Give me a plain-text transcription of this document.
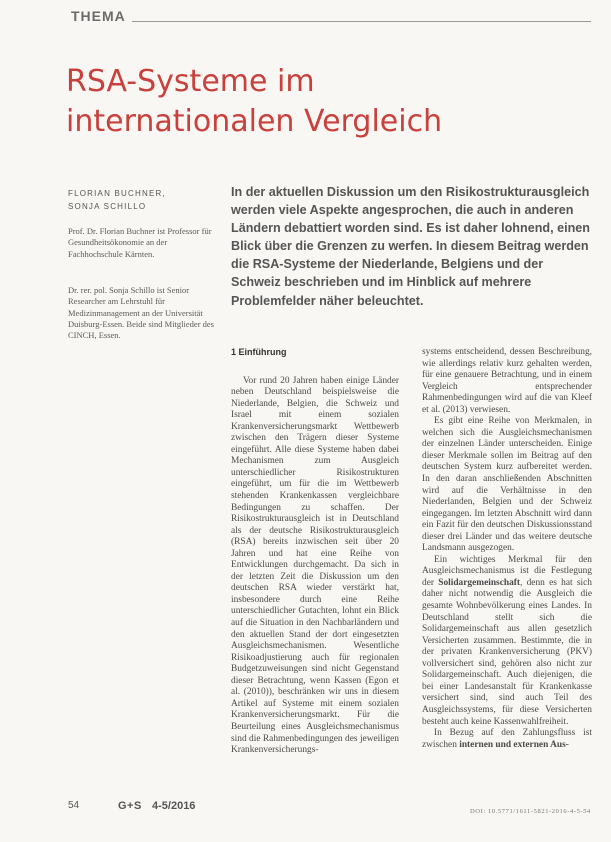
THEMA
RSA-Systeme im
internationalen Vergleich
FLORIAN BUCHNER,
SONJA SCHILLO
Prof. Dr. Florian Buchner ist Professor für Gesundheitsökonomie an der Fachhochschule Kärnten.
Dr. rer. pol. Sonja Schillo ist Senior Researcher am Lehrstuhl für Medizinmanagement an der Universität Duisburg-Essen. Beide sind Mitglieder des CINCH, Essen.
In der aktuellen Diskussion um den Risikostrukturausgleich werden viele Aspekte angesprochen, die auch in anderen Ländern debattiert worden sind. Es ist daher lohnend, einen Blick über die Grenzen zu werfen. In diesem Beitrag werden die RSA-Systeme der Niederlande, Belgiens und der Schweiz beschrieben und im Hinblick auf mehrere Problemfelder näher beleuchtet.

1 Einführung

Vor rund 20 Jahren haben einige Länder neben Deutschland beispielsweise die Niederlande, Belgien, die Schweiz und Israel mit einem sozialen Krankenversicherungsmarkt Wettbewerb zwischen den Trägern dieser Systeme eingeführt. Alle diese Systeme haben dabei Mechanismen zum Ausgleich unterschiedlicher Risikostrukturen eingeführt, um für die im Wettbewerb stehenden Krankenkassen vergleichbare Bedingungen zu schaffen. Der Risikostrukturausgleich ist in Deutschland als der deutsche Risikostrukturausgleich (RSA) bereits inzwischen seit über 20 Jahren und hat eine Reihe von Entwicklungen durchgemacht. Da sich in der letzten Zeit die Diskussion um den deutschen RSA wieder verstärkt hat, insbesondere durch eine Reihe unterschiedlicher Gutachten, lohnt ein Blick auf die Situation in den Nachbarländern und den aktuellen Stand der dort eingesetzten Ausgleichsmechanismen. Wesentliche Risikoadjustierung auch für regionalen Budgetzuweisungen sind nicht Gegenstand dieser Betrachtung, wenn Kassen (Egon et al. (2010)), beschränken wir uns in diesem Artikel auf Systeme mit einem sozialen Krankenversicherungsmarkt. Für die Beurteilung eines Ausgleichsmechanismus sind die Rahmenbedingungen des jeweiligen Krankenversicherungs-

systems entscheidend, dessen Beschreibung, wie allerdings relativ kurz gehalten werden, für eine genauere Betrachtung, und in einem Vergleich entsprechender Rahmenbedingungen wird auf die van Kleef et al. (2013) verwiesen.

Es gibt eine Reihe von Merkmalen, in welchen sich die Ausgleichsmechanismen der einzelnen Länder unterscheiden. Einige dieser Merkmale sollen im Beitrag auf den deutschen System kurz aufbereitet werden. In den daran anschließenden Abschnitten wird auf die Verhältnisse in den Niederlanden, Belgien und der Schweiz eingegangen. Im letzten Abschnitt wird dann ein Fazit für den deutschen Diskussionsstand dieser drei Länder und das weitere deutsche Landsmann ausgezogen.

Ein wichtiges Merkmal für den Ausgleichsmechanismus ist die Festlegung der Solidargemeinschaft, denn es hat sich daher nicht notwendig die Ausgleich die gesamte Wohnbevölkerung eines Landes. In Deutschland stellt sich die Solidargemeinschaft aus allen gesetzlich Versicherten zusammen. Bestimmte, die in der privaten Krankenversicherung (PKV) vollversichert sind, gehören also nicht zur Solidargemeinschaft. Auch diejenigen, die bei einer Landesanstalt für Krankenkasse versichert sind, sind auch Teil des Ausgleichssystems, für diese Versicherten besteht auch keine Kassenwahlfreiheit.

In Bezug auf den Zahlungsfluss ist zwischen internen und externen Aus-

54	G+S 4-5/2016	DOI: 10.5771/1611-5821-2016-4-5-54
